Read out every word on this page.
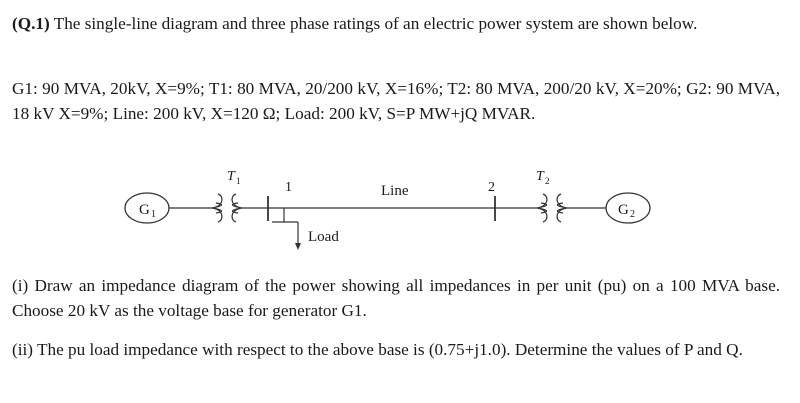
(Q.1) The single-line diagram and three phase ratings of an electric power system are shown below.
G1: 90 MVA, 20kV, X=9%; T1: 80 MVA, 20/200 kV, X=16%; T2: 80 MVA, 200/20 kV, X=20%; G2: 90 MVA, 18 kV X=9%; Line: 200 kV, X=120 Ω; Load: 200 kV, S=P MW+jQ MVAR.
G 1
T 1	1
Load
Line	2
T 2
G 2
(i) Draw an impedance diagram of the power showing all impedances in per unit (pu) on a 100 MVA base. Choose 20 kV as the voltage base for generator G1.
(ii) The pu load impedance with respect to the above base is (0.75+j1.0). Determine the values of P and Q.
